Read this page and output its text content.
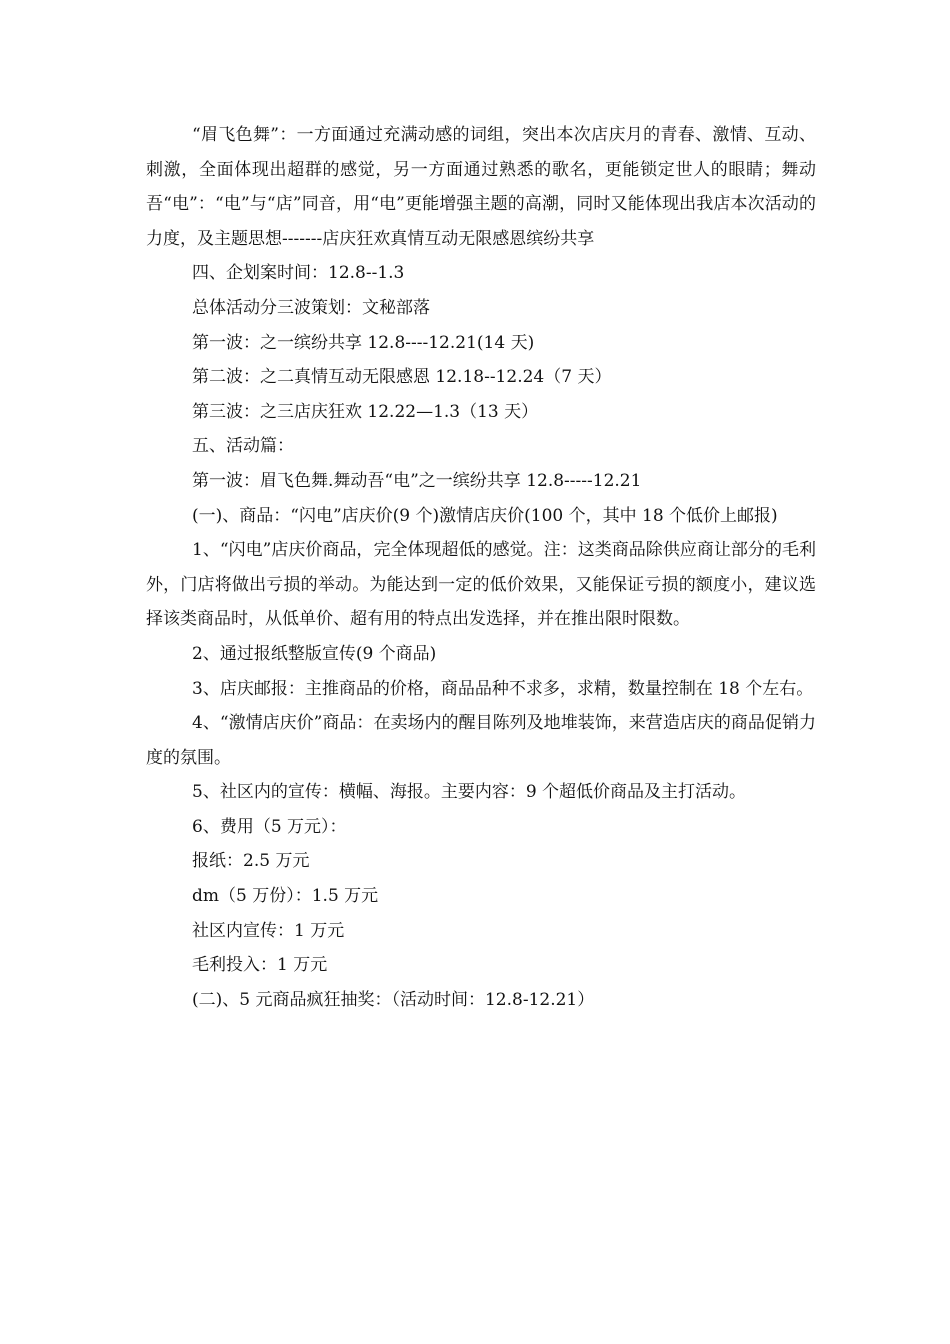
“眉飞色舞”：一方面通过充满动感的词组，突出本次店庆月的青春、激情、互动、刺激，全面体现出超群的感觉，另一方面通过熟悉的歌名，更能锁定世人的眼睛；舞动吾“电”：“电”与“店”同音，用“电”更能增强主题的高潮，同时又能体现出我店本次活动的力度，及主题思想-------店庆狂欢真情互动无限感恩缤纷共享

四、企划案时间：12.8--1.3

总体活动分三波策划：文秘部落

第一波：之一缤纷共享 12.8----12.21(14 天)

第二波：之二真情互动无限感恩 12.18--12.24（7 天）

第三波：之三店庆狂欢 12.22—1.3（13 天）

五、活动篇：

第一波：眉飞色舞.舞动吾“电”之一缤纷共享 12.8-----12.21

(一)、商品：“闪电”店庆价(9 个)激情店庆价(100 个，其中 18 个低价上邮报)

1、“闪电”店庆价商品，完全体现超低的感觉。注：这类商品除供应商让部分的毛利外，门店将做出亏损的举动。为能达到一定的低价效果，又能保证亏损的额度小，建议选择该类商品时，从低单价、超有用的特点出发选择，并在推出限时限数。

2、通过报纸整版宣传(9 个商品)

3、店庆邮报：主推商品的价格，商品品种不求多，求精，数量控制在 18 个左右。

4、“激情店庆价”商品：在卖场内的醒目陈列及地堆装饰，来营造店庆的商品促销力度的氛围。

5、社区内的宣传：横幅、海报。主要内容：9 个超低价商品及主打活动。

6、费用（5 万元）：

报纸：2.5 万元

dm（5 万份）：1.5 万元

社区内宣传：1 万元

毛利投入：1 万元

(二)、5 元商品疯狂抽奖：（活动时间：12.8-12.21）
